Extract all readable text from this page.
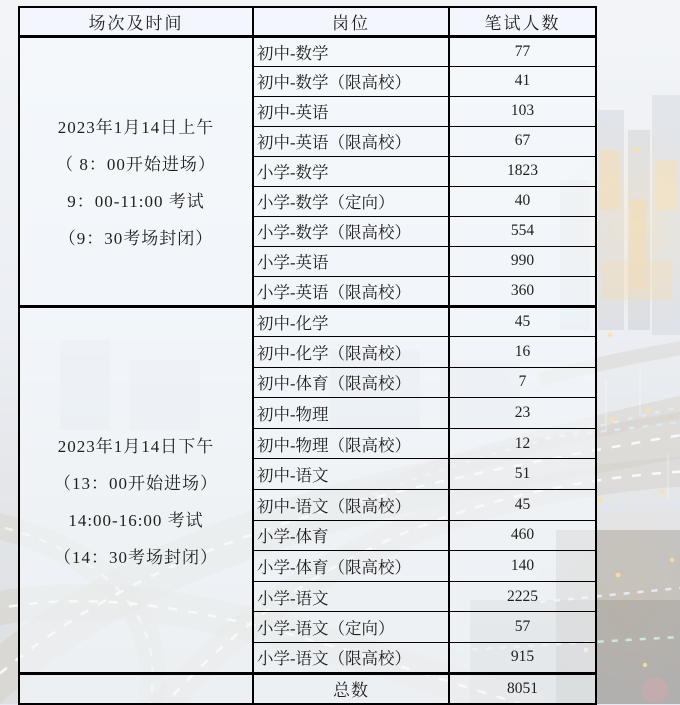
场次及时间	岗位	笔试人数

2023年1月14日上午
（ 8：00开始进场）
9：00-11:00 考试
（9：30考场封闭）	初中-数学	77
	初中-数学（限高校）	41
	初中-英语	103
	初中-英语（限高校）	67
	小学-数学	1823
	小学-数学（定向）	40
	小学-数学（限高校）	554
	小学-英语	990
	小学-英语（限高校）	360

2023年1月14日下午
（13：00开始进场）
14:00-16:00 考试
（14：30考场封闭）	初中-化学	45
	初中-化学（限高校）	16
	初中-体育（限高校）	7
	初中-物理	23
	初中-物理（限高校）	12
	初中-语文	51
	初中-语文（限高校）	45
	小学-体育	460
	小学-体育（限高校）	140
	小学-语文	2225
	小学-语文（定向）	57
	小学-语文（限高校）	915
	总数	8051
